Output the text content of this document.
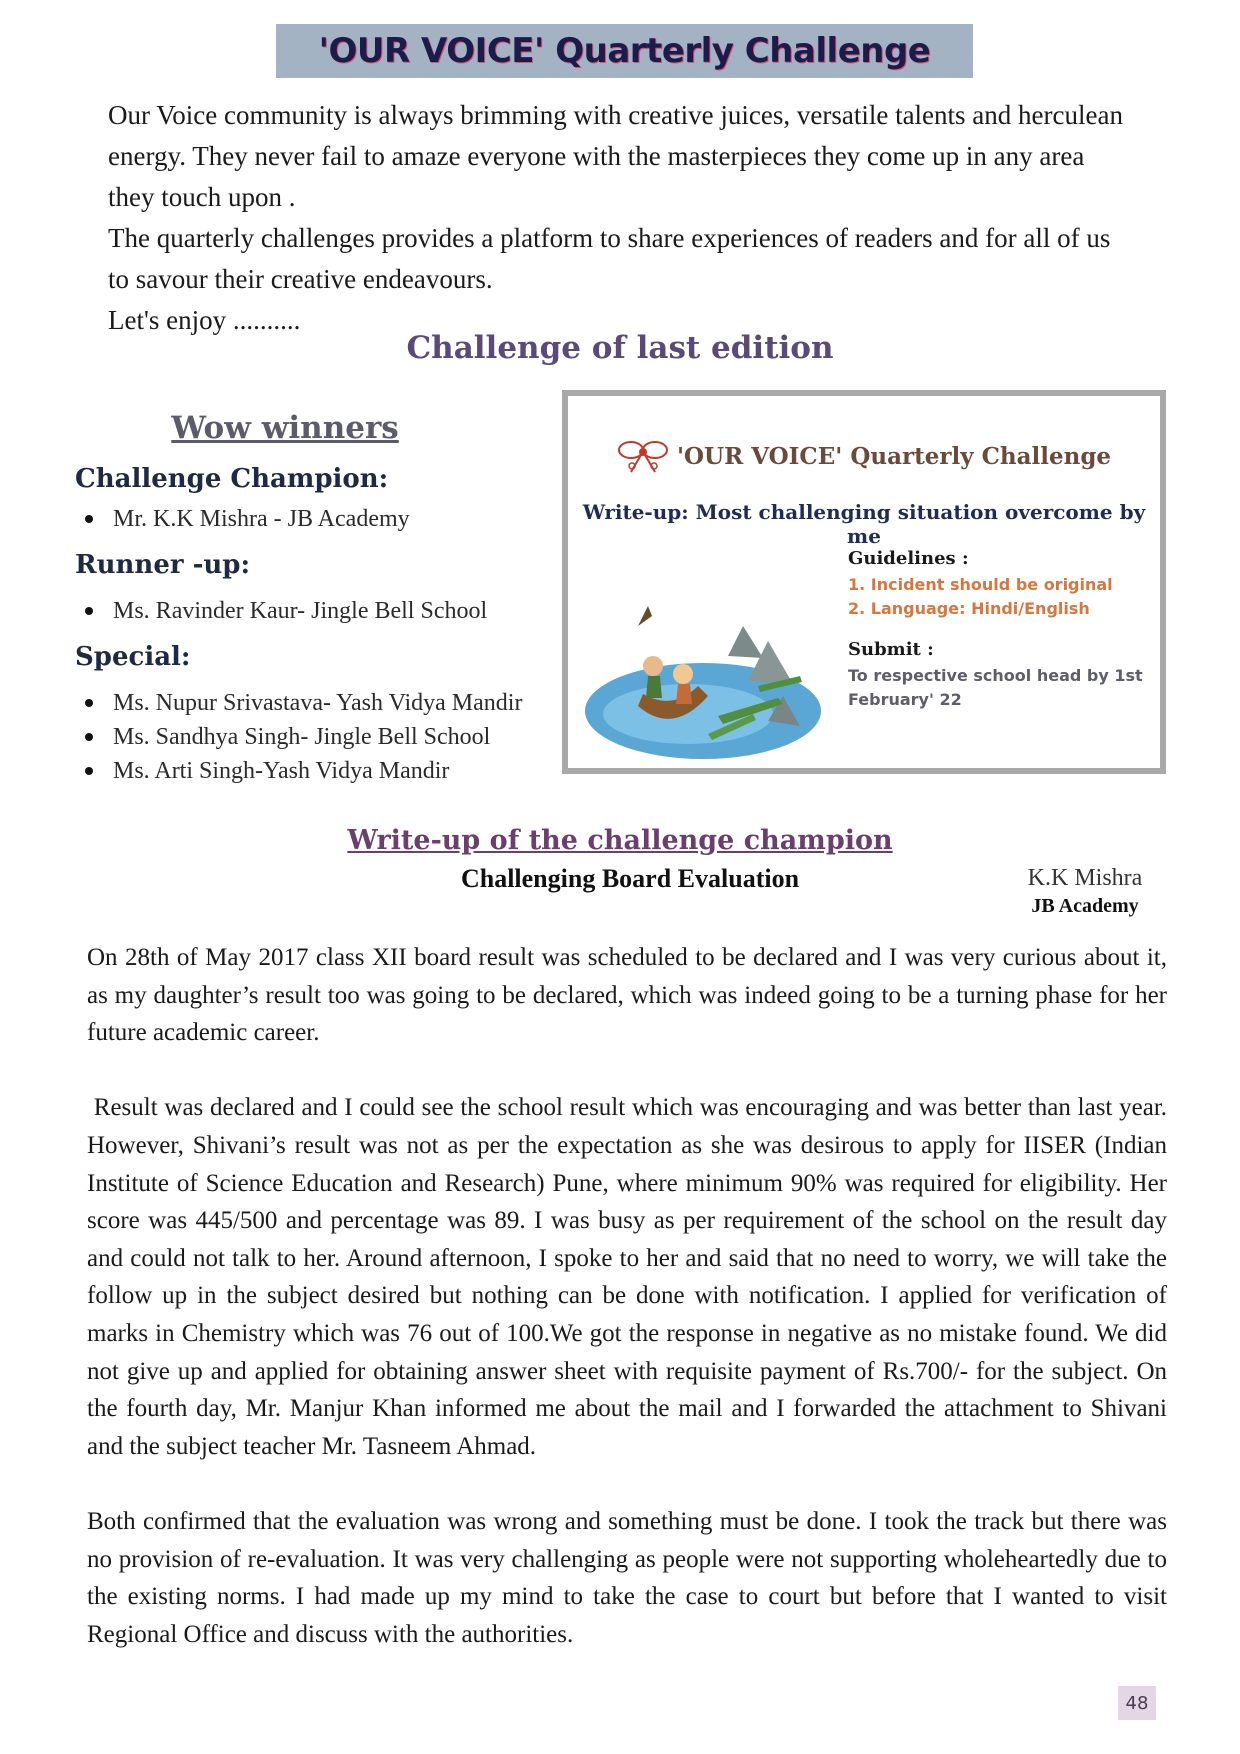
'OUR VOICE' Quarterly Challenge

Our Voice community is always brimming with creative juices, versatile talents and herculean energy. They never fail to amaze everyone with the masterpieces they come up in any area they touch upon .

The quarterly challenges provides a platform to share experiences of readers and for all of us to savour their creative endeavours.

Let's enjoy ..........

Challenge of last edition
Wow winners
Challenge Champion:
Mr. K.K Mishra - JB Academy
Runner -up:
Ms. Ravinder Kaur- Jingle Bell School
Special:
Ms. Nupur Srivastava- Yash Vidya Mandir
Ms. Sandhya Singh- Jingle Bell School
Ms. Arti Singh-Yash Vidya Mandir
'OUR VOICE' Quarterly Challenge
Write-up: Most challenging situation overcome by me

Guidelines :

1. Incident should be original

2. Language: Hindi/English

Submit :

To respective school head by 1st

February' 22

Write-up of the challenge champion
Challenging Board Evaluation	K.K Mishra
JB Academy

On 28th of May 2017 class XII board result was scheduled to be declared and I was very curious about it, as my daughter’s result too was going to be declared, which was indeed going to be a turning phase for her future academic career.

Result was declared and I could see the school result which was encouraging and was better than last year. However, Shivani’s result was not as per the expectation as she was desirous to apply for IISER (Indian Institute of Science Education and Research) Pune, where minimum 90% was required for eligibility. Her score was 445/500 and percentage was 89. I was busy as per requirement of the school on the result day and could not talk to her. Around afternoon, I spoke to her and said that no need to worry, we will take the follow up in the subject desired but nothing can be done with notification. I applied for verification of marks in Chemistry which was 76 out of 100.We got the response in negative as no mistake found. We did not give up and applied for obtaining answer sheet with requisite payment of Rs.700/- for the subject. On the fourth day, Mr. Manjur Khan informed me about the mail and I forwarded the attachment to Shivani and the subject teacher Mr. Tasneem Ahmad.

Both confirmed that the evaluation was wrong and something must be done. I took the track but there was no provision of re-evaluation. It was very challenging as people were not supporting wholeheartedly due to the existing norms. I had made up my mind to take the case to court but before that I wanted to visit Regional Office and discuss with the authorities.

48
